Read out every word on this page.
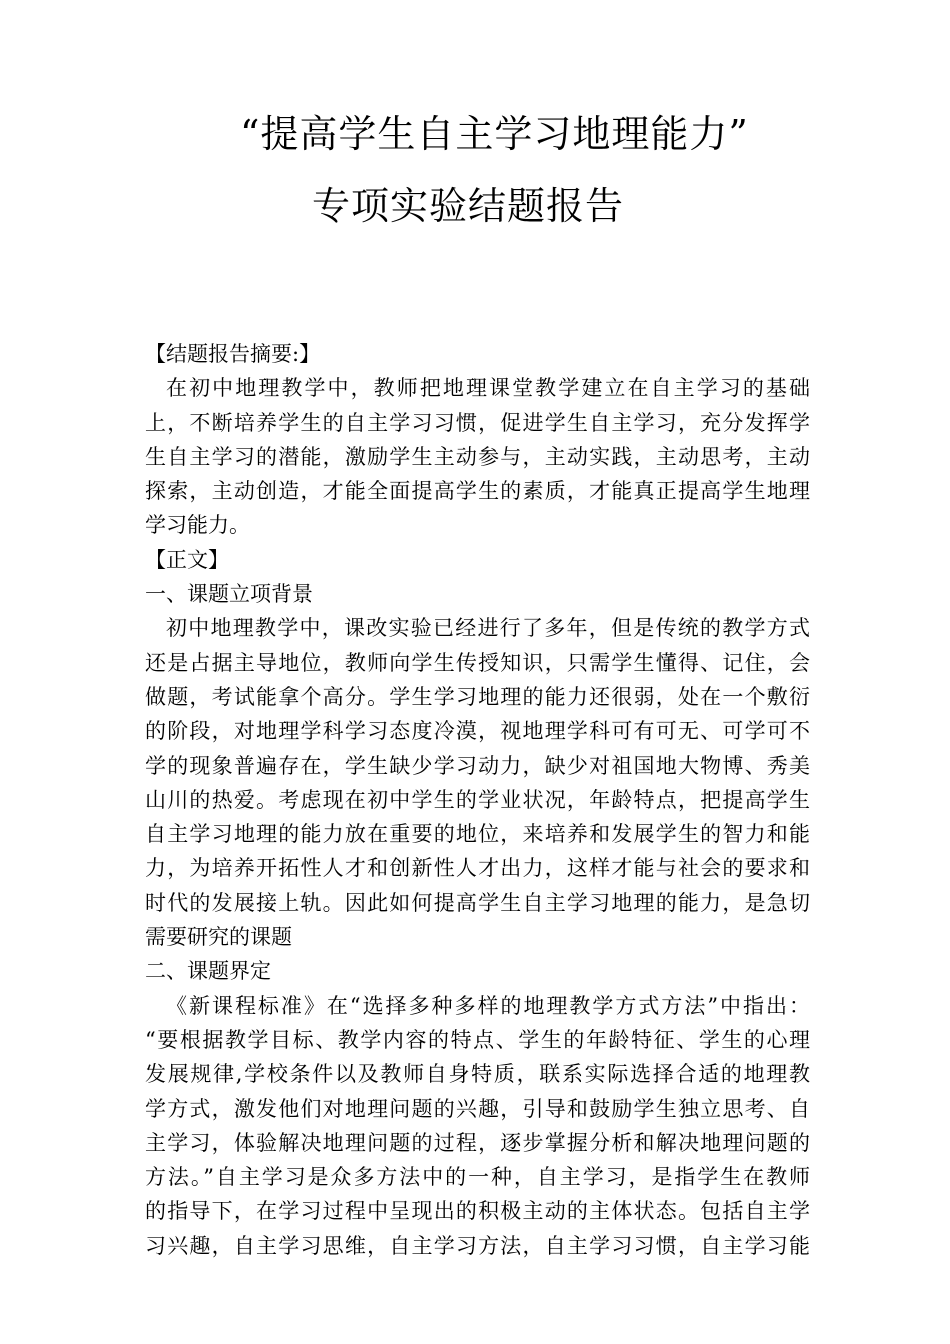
“提高学生自主学习地理能力”
专项实验结题报告
【结题报告摘要:】
在初中地理教学中，教师把地理课堂教学建立在自主学习的基础
上，不断培养学生的自主学习习惯，促进学生自主学习，充分发挥学
生自主学习的潜能，激励学生主动参与，主动实践，主动思考，主动
探索，主动创造，才能全面提高学生的素质，才能真正提高学生地理
学习能力。
【正文】
一、课题立项背景
初中地理教学中，课改实验已经进行了多年，但是传统的教学方式
还是占据主导地位，教师向学生传授知识，只需学生懂得、记住，会
做题，考试能拿个高分。学生学习地理的能力还很弱，处在一个敷衍
的阶段，对地理学科学习态度冷漠，视地理学科可有可无、可学可不
学的现象普遍存在，学生缺少学习动力，缺少对祖国地大物博、秀美
山川的热爱。考虑现在初中学生的学业状况，年龄特点，把提高学生
自主学习地理的能力放在重要的地位，来培养和发展学生的智力和能
力，为培养开拓性人才和创新性人才出力，这样才能与社会的要求和
时代的发展接上轨。因此如何提高学生自主学习地理的能力，是急切
需要研究的课题
二、课题界定
《新课程标准》在“选择多种多样的地理教学方式方法”中指出：
“要根据教学目标、教学内容的特点、学生的年龄特征、学生的心理
发展规律,学校条件以及教师自身特质，联系实际选择合适的地理教
学方式，激发他们对地理问题的兴趣，引导和鼓励学生独立思考、自
主学习，体验解决地理问题的过程，逐步掌握分析和解决地理问题的
方法。”自主学习是众多方法中的一种，自主学习，是指学生在教师
的指导下，在学习过程中呈现出的积极主动的主体状态。包括自主学
习兴趣，自主学习思维，自主学习方法，自主学习习惯，自主学习能
